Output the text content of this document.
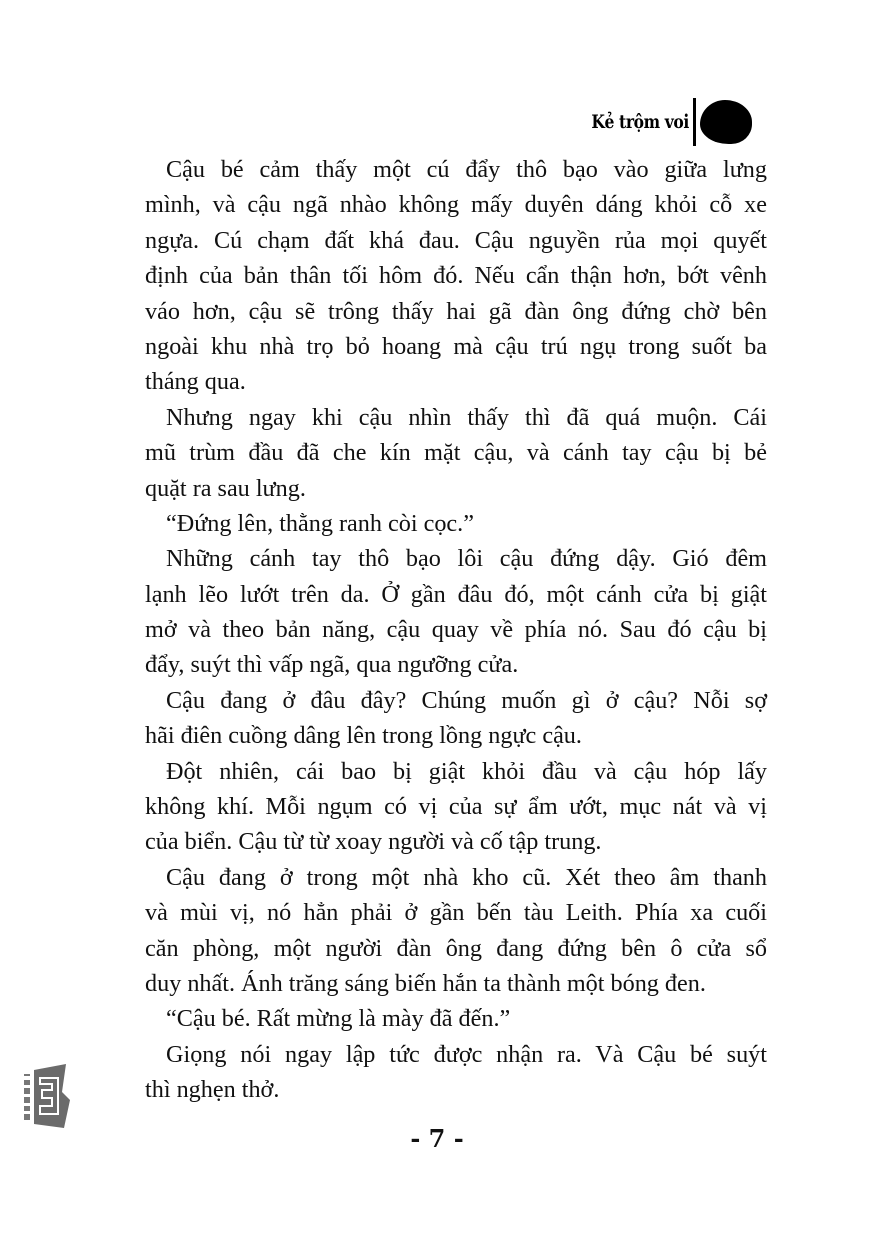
Kẻ trộm voi
Cậu bé cảm thấy một cú đẩy thô bạo vào giữa lưng
mình, và cậu ngã nhào không mấy duyên dáng khỏi cỗ xe
ngựa. Cú chạm đất khá đau. Cậu nguyền rủa mọi quyết
định của bản thân tối hôm đó. Nếu cẩn thận hơn, bớt vênh
váo hơn, cậu sẽ trông thấy hai gã đàn ông đứng chờ bên
ngoài khu nhà trọ bỏ hoang mà cậu trú ngụ trong suốt ba
tháng qua.
Nhưng ngay khi cậu nhìn thấy thì đã quá muộn. Cái
mũ trùm đầu đã che kín mặt cậu, và cánh tay cậu bị bẻ
quặt ra sau lưng.
“Đứng lên, thằng ranh còi cọc.”
Những cánh tay thô bạo lôi cậu đứng dậy. Gió đêm
lạnh lẽo lướt trên da. Ở gần đâu đó, một cánh cửa bị giật
mở và theo bản năng, cậu quay về phía nó. Sau đó cậu bị
đẩy, suýt thì vấp ngã, qua ngưỡng cửa.
Cậu đang ở đâu đây? Chúng muốn gì ở cậu? Nỗi sợ
hãi điên cuồng dâng lên trong lồng ngực cậu.
Đột nhiên, cái bao bị giật khỏi đầu và cậu hóp lấy
không khí. Mỗi ngụm có vị của sự ẩm ướt, mục nát và vị
của biển. Cậu từ từ xoay người và cố tập trung.
Cậu đang ở trong một nhà kho cũ. Xét theo âm thanh
và mùi vị, nó hẳn phải ở gần bến tàu Leith. Phía xa cuối
căn phòng, một người đàn ông đang đứng bên ô cửa sổ
duy nhất. Ánh trăng sáng biến hắn ta thành một bóng đen.
“Cậu bé. Rất mừng là mày đã đến.”
Giọng nói ngay lập tức được nhận ra. Và Cậu bé suýt
thì nghẹn thở.
- 7 -
